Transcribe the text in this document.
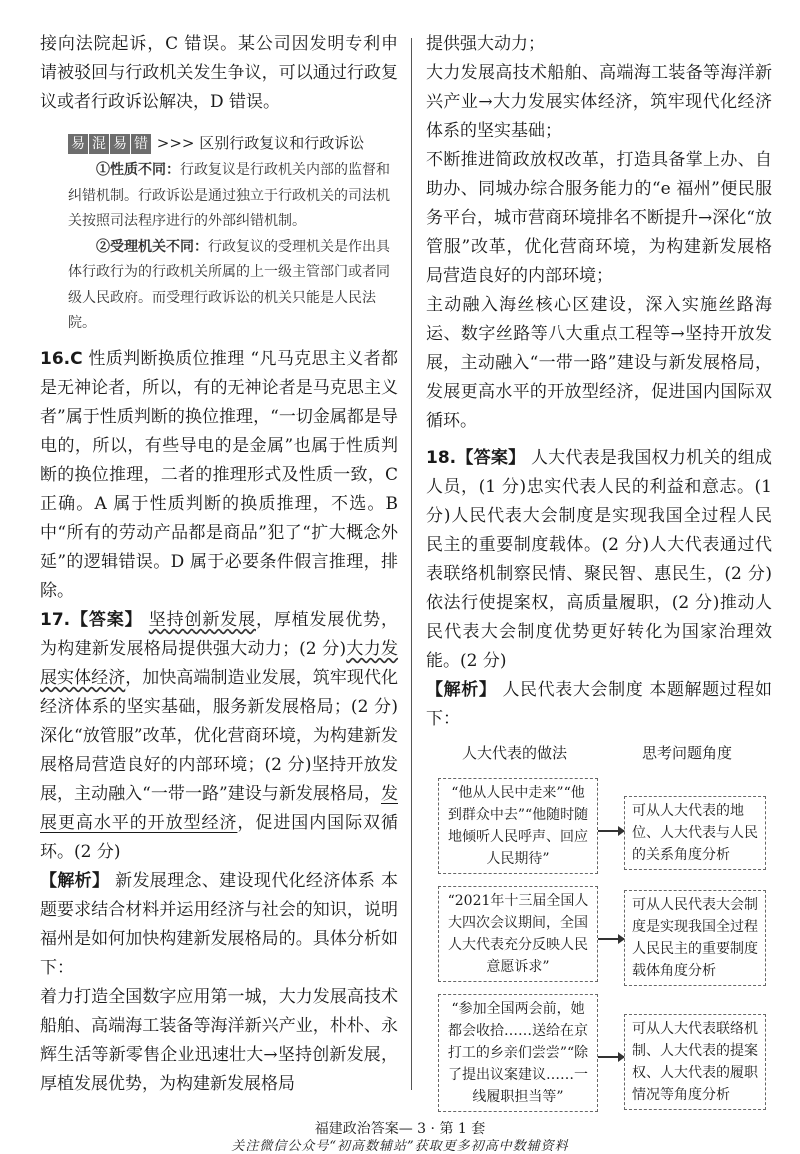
接向法院起诉，C 错误。某公司因发明专利申请被驳回与行政机关发生争议，可以通过行政复议或者行政诉讼解决，D 错误。

易 混 易 错 >>> 区别行政复议和行政诉讼

①性质不同：行政复议是行政机关内部的监督和纠错机制。行政诉讼是通过独立于行政机关的司法机关按照司法程序进行的外部纠错机制。

②受理机关不同：行政复议的受理机关是作出具体行政行为的行政机关所属的上一级主管部门或者同级人民政府。而受理行政诉讼的机关只能是人民法院。

16.C 性质判断换质位推理 “凡马克思主义者都是无神论者，所以，有的无神论者是马克思主义者”属于性质判断的换位推理，“一切金属都是导电的，所以，有些导电的是金属”也属于性质判断的换位推理，二者的推理形式及性质一致，C 正确。A 属于性质判断的换质推理，不选。B 中“所有的劳动产品都是商品”犯了“扩大概念外延”的逻辑错误。D 属于必要条件假言推理，排除。

17.【答案】 坚持创新发展，厚植发展优势，为构建新发展格局提供强大动力；(2 分)大力发展实体经济，加快高端制造业发展，筑牢现代化经济体系的坚实基础，服务新发展格局；(2 分)深化“放管服”改革，优化营商环境，为构建新发展格局营造良好的内部环境；(2 分)坚持开放发展，主动融入“一带一路”建设与新发展格局，发展更高水平的开放型经济，促进国内国际双循环。(2 分)

【解析】 新发展理念、建设现代化经济体系 本题要求结合材料并运用经济与社会的知识，说明福州是如何加快构建新发展格局的。具体分析如下：

着力打造全国数字应用第一城，大力发展高技术船舶、高端海工装备等海洋新兴产业，朴朴、永辉生活等新零售企业迅速壮大→坚持创新发展，厚植发展优势，为构建新发展格局

提供强大动力；

大力发展高技术船舶、高端海工装备等海洋新兴产业→大力发展实体经济，筑牢现代化经济体系的坚实基础；

不断推进简政放权改革，打造具备掌上办、自助办、同城办综合服务能力的“e 福州”便民服务平台，城市营商环境排名不断提升→深化“放管服”改革，优化营商环境，为构建新发展格局营造良好的内部环境；

主动融入海丝核心区建设，深入实施丝路海运、数字丝路等八大重点工程等→坚持开放发展，主动融入“一带一路”建设与新发展格局，发展更高水平的开放型经济，促进国内国际双循环。

18.【答案】 人大代表是我国权力机关的组成人员，(1 分)忠实代表人民的利益和意志。(1 分)人民代表大会制度是实现我国全过程人民民主的重要制度载体。(2 分)人大代表通过代表联络机制察民情、聚民智、惠民生，(2 分)依法行使提案权，高质量履职，(2 分)推动人民代表大会制度优势更好转化为国家治理效能。(2 分)

【解析】 人民代表大会制度 本题解题过程如下：

人大代表的做法	思考问题角度
“他从人民中走来”“他到群众中去”“他随时随地倾听人民呼声、回应人民期待”
可从人大代表的地位、人大代表与人民的关系角度分析
“2021年十三届全国人大四次会议期间，全国人大代表充分反映人民意愿诉求”
可从人民代表大会制度是实现我国全过程人民民主的重要制度载体角度分析
“参加全国两会前，她都会收拾……送给在京打工的乡亲们尝尝”“除了提出议案建议……一线履职担当等”
可从人大代表联络机制、人大代表的提案权、人大代表的履职情况等角度分析
福建政治答案— 3 · 第 1 套
关注微信公众号“初高数辅站”获取更多初高中数辅资料
